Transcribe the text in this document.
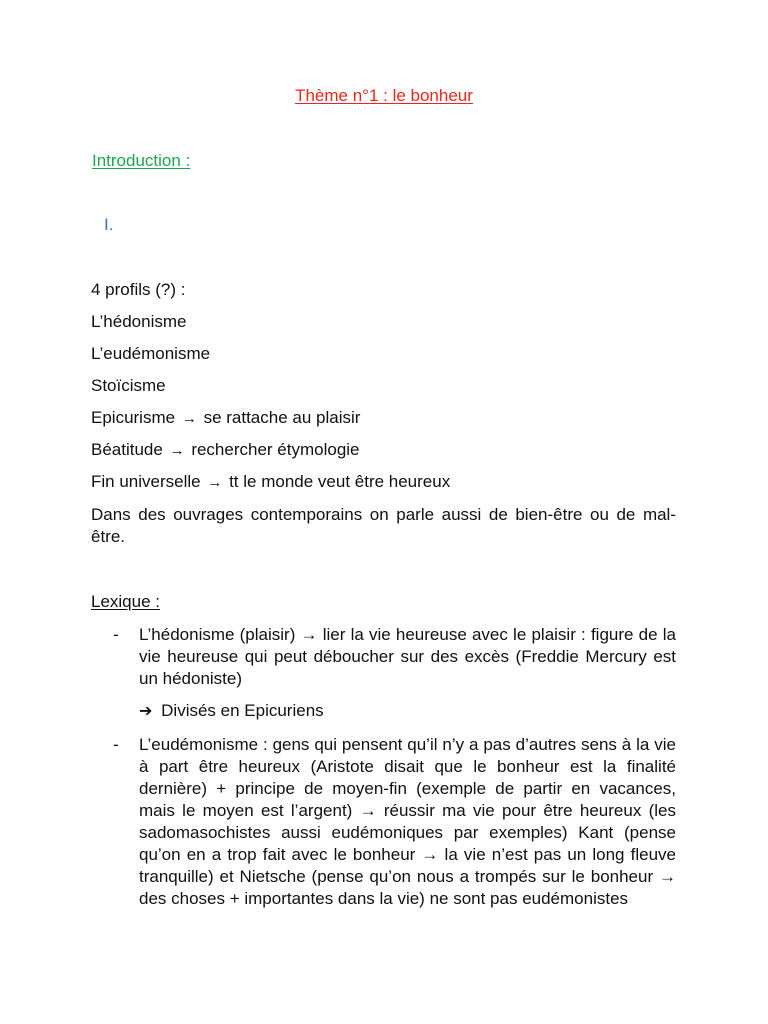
Thème n°1 : le bonheur
Introduction :
I.
4 profils (?) :
L’hédonisme
L’eudémonisme
Stoïcisme
Epicurisme → se rattache au plaisir
Béatitude → rechercher étymologie
Fin universelle → tt le monde veut être heureux
Dans des ouvrages contemporains on parle aussi de bien-être ou de mal-être.
Lexique :
- L’hédonisme (plaisir) → lier la vie heureuse avec le plaisir : figure de la vie heureuse qui peut déboucher sur des excès (Freddie Mercury est un hédoniste)
➔ Divisés en Epicuriens
- L’eudémonisme : gens qui pensent qu’il n’y a pas d’autres sens à la vie à part être heureux (Aristote disait que le bonheur est la finalité dernière) + principe de moyen-fin (exemple de partir en vacances, mais le moyen est l’argent) → réussir ma vie pour être heureux (les sadomasochistes aussi eudémoniques par exemples) Kant (pense qu’on en a trop fait avec le bonheur → la vie n’est pas un long fleuve tranquille) et Nietsche (pense qu’on nous a trompés sur le bonheur → des choses + importantes dans la vie) ne sont pas eudémonistes
